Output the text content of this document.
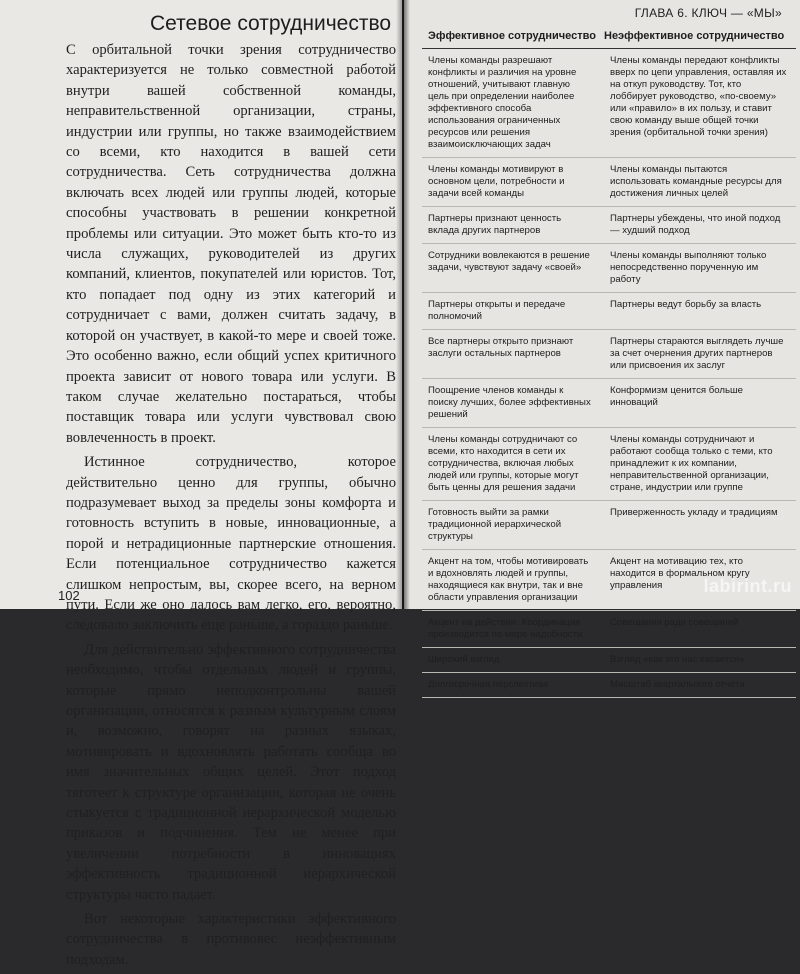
Сетевое сотрудничество

С орбитальной точки зрения сотрудничество характеризуется не только совместной работой внутри вашей собственной команды, неправительственной организации, страны, индустрии или группы, но также взаимодействием со всеми, кто находится в вашей сети сотрудничества. Сеть сотрудничества должна включать всех людей или группы людей, которые способны участвовать в решении конкретной проблемы или ситуации. Это может быть кто-то из числа служащих, руководителей из других компаний, клиентов, покупателей или юристов. Тот, кто попадает под одну из этих категорий и сотрудничает с вами, должен считать задачу, в которой он участвует, в какой-то мере и своей тоже. Это особенно важно, если общий успех критичного проекта зависит от нового товара или услуги. В таком случае желательно постараться, чтобы поставщик товара или услуги чувствовал свою вовлеченность в проект.

Истинное сотрудничество, которое действительно ценно для группы, обычно подразумевает выход за пределы зоны комфорта и готовность вступить в новые, инновационные, а порой и нетрадиционные партнерские отношения. Если потенциальное сотрудничество кажется слишком непростым, вы, скорее всего, на верном пути. Если же оно далось вам легко, его, вероятно, следовало заключить еще раньше, а гораздо раньше.

Для действительно эффективного сотрудничества необходимо, чтобы отдельных людей и группы, которые прямо неподконтрольны вашей организации, относятся к разным культурным слоям и, возможно, говорят на разных языках, мотивировать и вдохновлять работать сообща во имя значительных общих целей. Этот подход тяготеет к структуре организации, которая не очень стыкуется с традиционной иерархической моделью приказов и подчинения. Тем не менее при увеличении потребности в инновациях эффективность традиционной иерархической структуры часто падает.

Вот некоторые характеристики эффективного сотрудничества в противовес неэффективным подходам.

102
ГЛАВА 6. КЛЮЧ — «МЫ»
Эффективное сотрудничество Неэффективное сотрудничество
Члены команды разрешают конфликты и различия на уровне отношений, учитывают главную цель при определении наиболее эффективного способа использования ограниченных ресурсов или решения взаимоисключающих задач
Члены команды передают конфликты вверх по цепи управления, оставляя их на откуп руководству. Тот, кто лоббирует руководство, «по-своему» или «правило» в их пользу, и ставит свою команду выше общей точки зрения (орбитальной точки зрения)
Члены команды мотивируют в основном цели, потребности и задачи всей команды
Члены команды пытаются использовать командные ресурсы для достижения личных целей
Партнеры признают ценность вклада других партнеров
Партнеры убеждены, что иной подход — худший подход
Сотрудники вовлекаются в решение задачи, чувствуют задачу «своей»
Члены команды выполняют только непосредственно порученную им работу
Партнеры открыты и передаче полномочий
Партнеры ведут борьбу за власть
Все партнеры открыто признают заслуги остальных партнеров
Партнеры стараются выглядеть лучше за счет очернения других партнеров или присвоения их заслуг
Поощрение членов команды к поиску лучших, более эффективных решений
Конформизм ценится больше инноваций
Члены команды сотрудничают со всеми, кто находится в сети их сотрудничества, включая любых людей или группы, которые могут быть ценны для решения задачи
Члены команды сотрудничают и работают сообща только с теми, кто принадлежит к их компании, неправительственной организации, стране, индустрии или группе
Готовность выйти за рамки традиционной иерархической структуры
Приверженность укладу и традициям
Акцент на том, чтобы мотивировать и вдохновлять людей и группы, находящиеся как внутри, так и вне области управления организации
Акцент на мотивацию тех, кто находится в формальном кругу управления
Акцент на действии. Координация производится по мере надобности
Совещания ради совещаний
Широкий взгляд	Взгляд «как это нас касается»
Долгосрочная перспектива	Масштаб квартального отчета
labirint.ru
